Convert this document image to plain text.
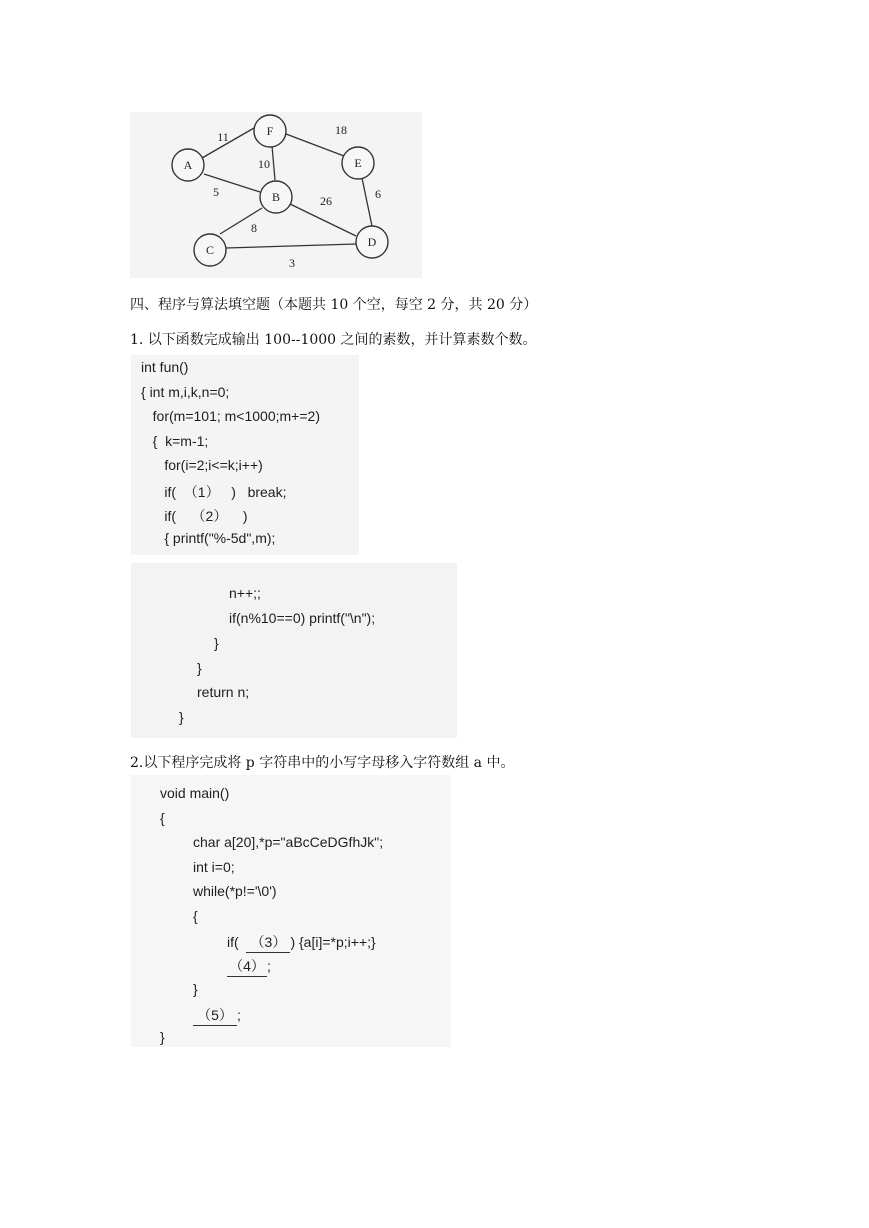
A
F
E
B
C
D
11	18
10
5	6
26
8
3
四、程序与算法填空题（本题共 10 个空，每空 2 分，共 20 分）
1. 以下函数完成输出 100--1000 之间的素数，并计算素数个数。
int fun()
{ int m,i,k,n=0;
for(m=101; m<1000;m+=2)
{  k=m-1;
for(i=2;i<=k;i++)
if(  （1）   )   break;
if(    （2）    )
{ printf("%-5d",m);
n++;;
if(n%10==0) printf("\n");
}
}
return n;
}
2.以下程序完成将 p 字符串中的小写字母移入字符数组 a 中。
void main()
{
char a[20],*p="aBcCeDGfhJk";
int i=0;
while(*p!='\0')
{
if( （3） ) {a[i]=*p;i++;}
（4） ;
}
（5） ;
}
